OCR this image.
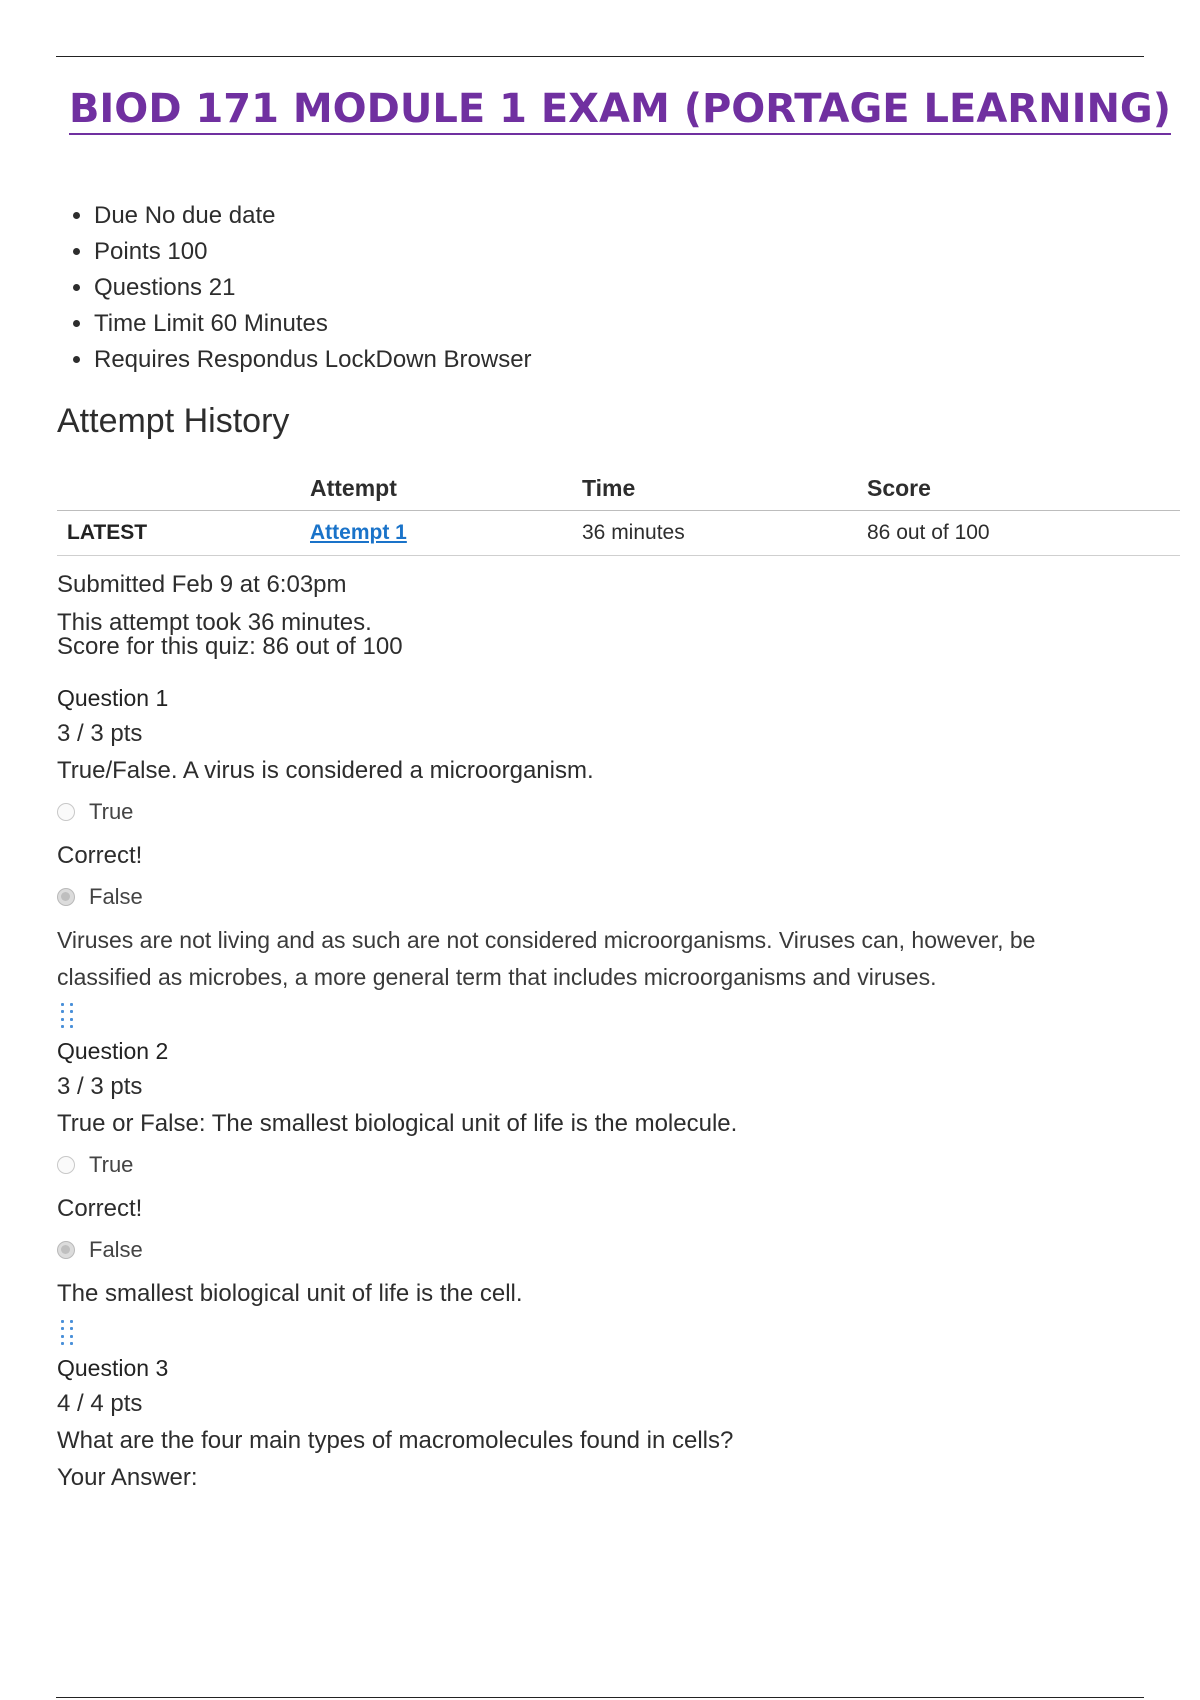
BIOD 171 MODULE 1 EXAM (PORTAGE LEARNING)
• Due No due date
• Points 100
• Questions 21
• Time Limit 60 Minutes
• Requires Respondus LockDown Browser
Attempt History
	Attempt	Time	Score
LATEST	Attempt 1	36 minutes	86 out of 100
Submitted Feb 9 at 6:03pm
This attempt took 36 minutes.
Score for this quiz: 86 out of 100
Question 1
3 / 3 pts
True/False. A virus is considered a microorganism.
True
Correct!
False
Viruses are not living and as such are not considered microorganisms. Viruses can, however, be classified as microbes, a more general term that includes microorganisms and viruses.
Question 2
3 / 3 pts
True or False: The smallest biological unit of life is the molecule.
True
Correct!
False
The smallest biological unit of life is the cell.
Question 3
4 / 4 pts
What are the four main types of macromolecules found in cells?
Your Answer:
